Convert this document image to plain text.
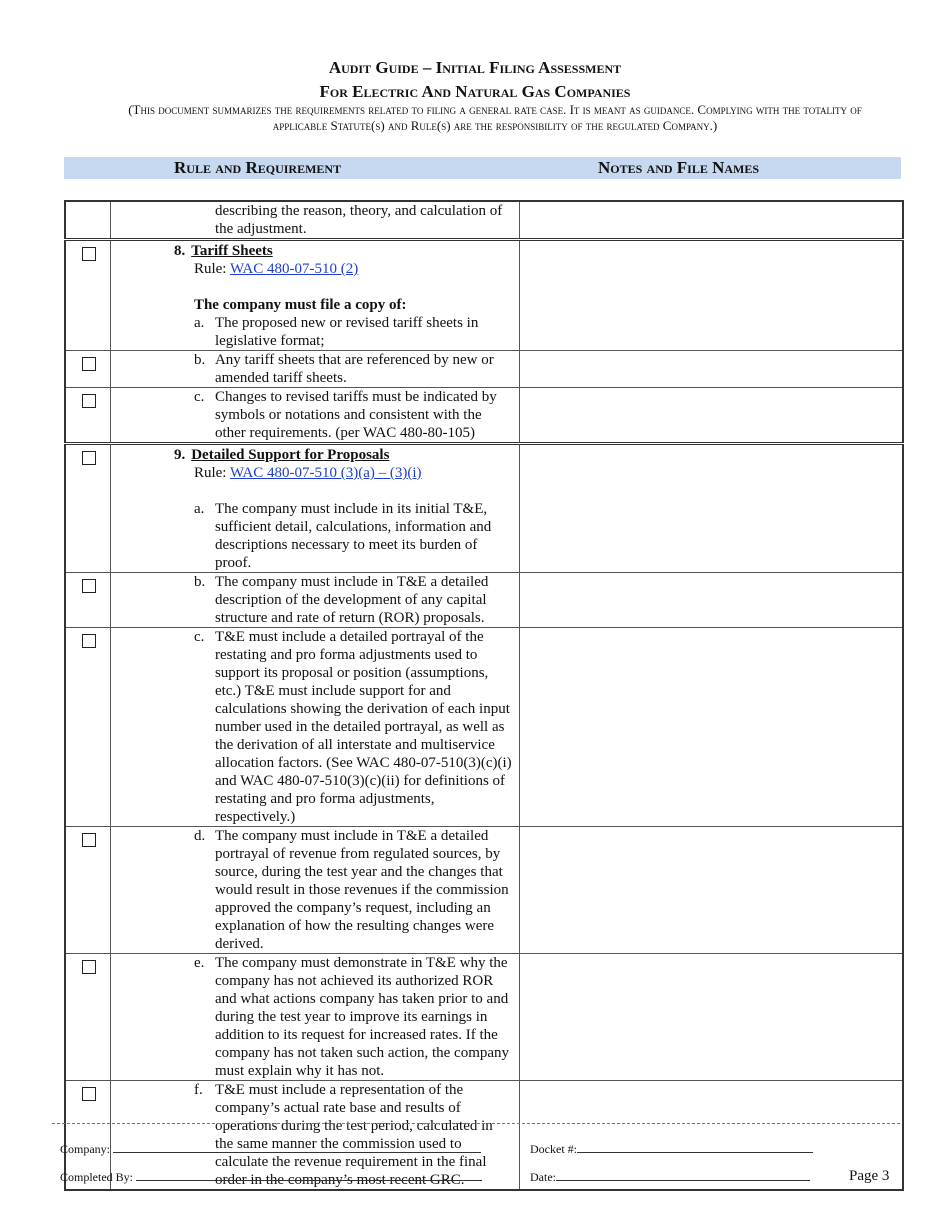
Audit Guide – Initial Filing Assessment
For Electric And Natural Gas Companies
(This document summarizes the requirements related to filing a general rate case. It is meant as guidance. Complying with the totality of applicable Statute(s) and Rule(s) are the responsibility of the regulated Company.)
Rule and Requirement	Notes and File Names

	describing the reason, theory, and calculation of the adjustment.	

	8. Tariff Sheets
Rule: WAC 480-07-510 (2)
The company must file a copy of:
a. The proposed new or revised tariff sheets in legislative format;	

	b. Any tariff sheets that are referenced by new or amended tariff sheets.	

	c. Changes to revised tariffs must be indicated by symbols or notations and consistent with the other requirements. (per WAC 480-80-105)	

	9. Detailed Support for Proposals
Rule: WAC 480-07-510 (3)(a) – (3)(i)
a. The company must include in its initial T&E, sufficient detail, calculations, information and descriptions necessary to meet its burden of proof.	

	b. The company must include in T&E a detailed description of the development of any capital structure and rate of return (ROR) proposals.	

	c. T&E must include a detailed portrayal of the restating and pro forma adjustments used to support its proposal or position (assumptions, etc.) T&E must include support for and calculations showing the derivation of each input number used in the detailed portrayal, as well as the derivation of all interstate and multiservice allocation factors. (See WAC 480-07-510(3)(c)(i) and WAC 480-07-510(3)(c)(ii) for definitions of restating and pro forma adjustments, respectively.)	

	d. The company must include in T&E a detailed portrayal of revenue from regulated sources, by source, during the test year and the changes that would result in those revenues if the commission approved the company’s request, including an explanation of how the resulting changes were derived.	

	e. The company must demonstrate in T&E why the company has not achieved its authorized ROR and what actions company has taken prior to and during the test year to improve its earnings in addition to its request for increased rates. If the company has not taken such action, the company must explain why it has not.	

	f. T&E must include a representation of the company’s actual rate base and results of operations during the test period, calculated in the same manner the commission used to calculate the revenue requirement in the final order in the company’s most recent GRC.	

Company:	Docket #:
Completed By:	Date:	Page 3
